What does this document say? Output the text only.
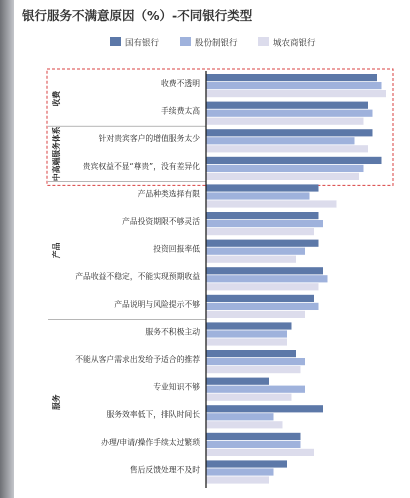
银行服务不满意原因（%）-不同银行类型
国有银行	股份制银行	城农商银行
收费不透明
手续费太高
针对贵宾客户的增值服务太少
贵宾权益不显“尊贵”，没有差异化
产品种类选择有限
产品投资期限不够灵活
投资回报率低
产品收益不稳定，不能实现预期收益
产品说明与风险提示不够
服务不积极主动
不能从客户需求出发给予适合的推荐
专业知识不够
服务效率低下，排队时间长
办理/申请/操作手续太过繁琐
售后反馈处理不及时
收费
中高端服务体系
产品
服务
